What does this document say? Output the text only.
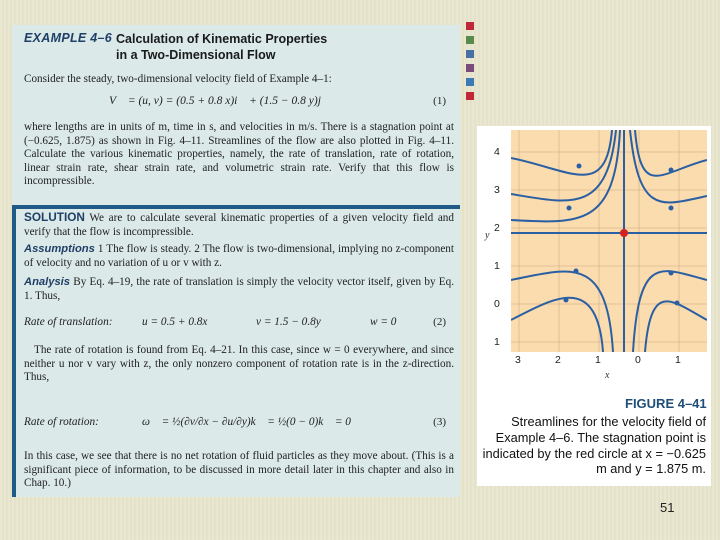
EXAMPLE 4–6 Calculation of Kinematic Properties
in a Two-Dimensional Flow
Consider the steady, two-dimensional velocity field of Example 4–1:
V⃗ = (u, v) = (0.5 + 0.8 x)i⃗ + (1.5 − 0.8 y)j⃗	(1)
where lengths are in units of m, time in s, and velocities in m/s. There is a stagnation point at (−0.625, 1.875) as shown in Fig. 4–11. Streamlines of the flow are also plotted in Fig. 4–11. Calculate the various kinematic properties, namely, the rate of translation, rate of rotation, linear strain rate, shear strain rate, and volumetric strain rate. Verify that this flow is incompressible.
SOLUTION We are to calculate several kinematic properties of a given velocity field and verify that the flow is incompressible.
Assumptions 1 The flow is steady. 2 The flow is two-dimensional, implying no z-component of velocity and no variation of u or v with z.
Analysis By Eq. 4–19, the rate of translation is simply the velocity vector itself, given by Eq. 1. Thus,
Rate of translation:	u = 0.5 + 0.8x	v = 1.5 − 0.8y	w = 0	(2)
The rate of rotation is found from Eq. 4–21. In this case, since w = 0 everywhere, and since neither u nor v vary with z, the only nonzero component of rotation rate is in the z-direction. Thus,
Rate of rotation:	ω⃗ = ½(∂v/∂x − ∂u/∂y)k⃗ = ½(0 − 0)k⃗ = 0	(3)
In this case, we see that there is no net rotation of fluid particles as they move about. (This is a significant piece of information, to be discussed in more detail later in this chapter and also in Chap. 10.)
4
3
2
1
0
1
y
3	2	1	0	1
x
FIGURE 4–41
Streamlines for the velocity field of Example 4–6. The stagnation point is indicated by the red circle at x = −0.625 m and y = 1.875 m.
51
